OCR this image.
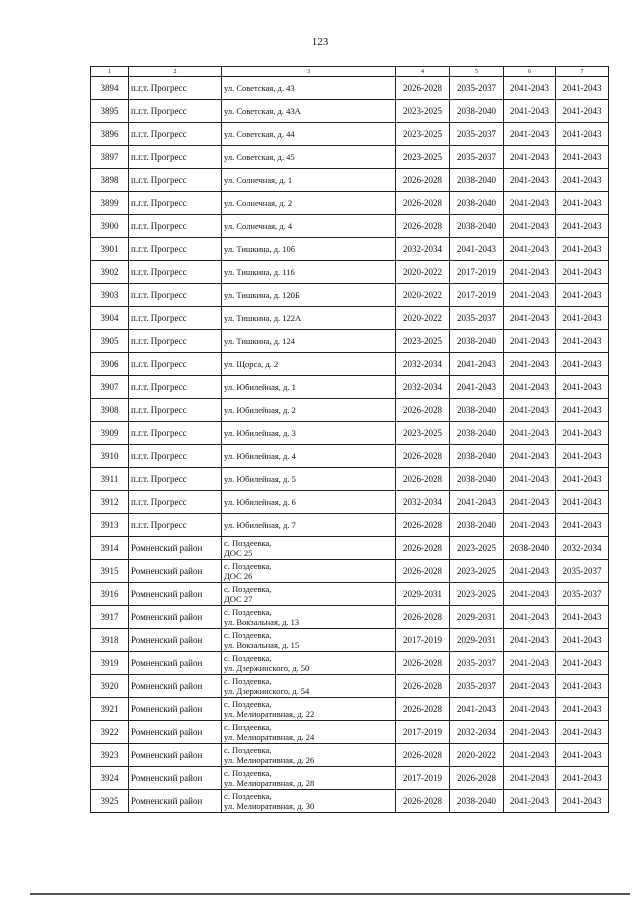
123
1	2	3	4	5	6	7
3894	п.г.т. Прогресс	ул. Советская, д. 43	2026-2028	2035-2037	2041-2043	2041-2043
3895	п.г.т. Прогресс	ул. Советская, д. 43А	2023-2025	2038-2040	2041-2043	2041-2043
3896	п.г.т. Прогресс	ул. Советская, д. 44	2023-2025	2035-2037	2041-2043	2041-2043
3897	п.г.т. Прогресс	ул. Советская, д. 45	2023-2025	2035-2037	2041-2043	2041-2043
3898	п.г.т. Прогресс	ул. Солнечная, д. 1	2026-2028	2038-2040	2041-2043	2041-2043
3899	п.г.т. Прогресс	ул. Солнечная, д. 2	2026-2028	2038-2040	2041-2043	2041-2043
3900	п.г.т. Прогресс	ул. Солнечная, д. 4	2026-2028	2038-2040	2041-2043	2041-2043
3901	п.г.т. Прогресс	ул. Тишкина, д. 10б	2032-2034	2041-2043	2041-2043	2041-2043
3902	п.г.т. Прогресс	ул. Тишкина, д. 116	2020-2022	2017-2019	2041-2043	2041-2043
3903	п.г.т. Прогресс	ул. Тишкина, д. 120Б	2020-2022	2017-2019	2041-2043	2041-2043
3904	п.г.т. Прогресс	ул. Тишкина, д. 122А	2020-2022	2035-2037	2041-2043	2041-2043
3905	п.г.т. Прогресс	ул. Тишкина, д. 124	2023-2025	2038-2040	2041-2043	2041-2043
3906	п.г.т. Прогресс	ул. Щорса, д. 2	2032-2034	2041-2043	2041-2043	2041-2043
3907	п.г.т. Прогресс	ул. Юбилейная, д. 1	2032-2034	2041-2043	2041-2043	2041-2043
3908	п.г.т. Прогресс	ул. Юбилейная, д. 2	2026-2028	2038-2040	2041-2043	2041-2043
3909	п.г.т. Прогресс	ул. Юбилейная, д. 3	2023-2025	2038-2040	2041-2043	2041-2043
3910	п.г.т. Прогресс	ул. Юбилейная, д. 4	2026-2028	2038-2040	2041-2043	2041-2043
3911	п.г.т. Прогресс	ул. Юбилейная, д. 5	2026-2028	2038-2040	2041-2043	2041-2043
3912	п.г.т. Прогресс	ул. Юбилейная, д. 6	2032-2034	2041-2043	2041-2043	2041-2043
3913	п.г.т. Прогресс	ул. Юбилейная, д. 7	2026-2028	2038-2040	2041-2043	2041-2043
3914	Ромненский район	с. Поздеевка,
ДОС 25	2026-2028	2023-2025	2038-2040	2032-2034
3915	Ромненский район	с. Поздеевка,
ДОС 26	2026-2028	2023-2025	2041-2043	2035-2037
3916	Ромненский район	с. Поздеевка,
ДОС 27	2029-2031	2023-2025	2041-2043	2035-2037
3917	Ромненский район	с. Поздеевка,
ул. Вокзальная, д. 13	2026-2028	2029-2031	2041-2043	2041-2043
3918	Ромненский район	с. Поздеевка,
ул. Вокзальная, д. 15	2017-2019	2029-2031	2041-2043	2041-2043
3919	Ромненский район	с. Поздеевка,
ул. Дзержинского, д. 50	2026-2028	2035-2037	2041-2043	2041-2043
3920	Ромненский район	с. Поздеевка,
ул. Дзержинского, д. 54	2026-2028	2035-2037	2041-2043	2041-2043
3921	Ромненский район	с. Поздеевка,
ул. Мелиоративная, д. 22	2026-2028	2041-2043	2041-2043	2041-2043
3922	Ромненский район	с. Поздеевка,
ул. Мелиоративная, д. 24	2017-2019	2032-2034	2041-2043	2041-2043
3923	Ромненский район	с. Поздеевка,
ул. Мелиоративная, д. 26	2026-2028	2020-2022	2041-2043	2041-2043
3924	Ромненский район	с. Поздеевка,
ул. Мелиоративная, д. 28	2017-2019	2026-2028	2041-2043	2041-2043
3925	Ромненский район	с. Поздеевка,
ул. Мелиоративная, д. 30	2026-2028	2038-2040	2041-2043	2041-2043
